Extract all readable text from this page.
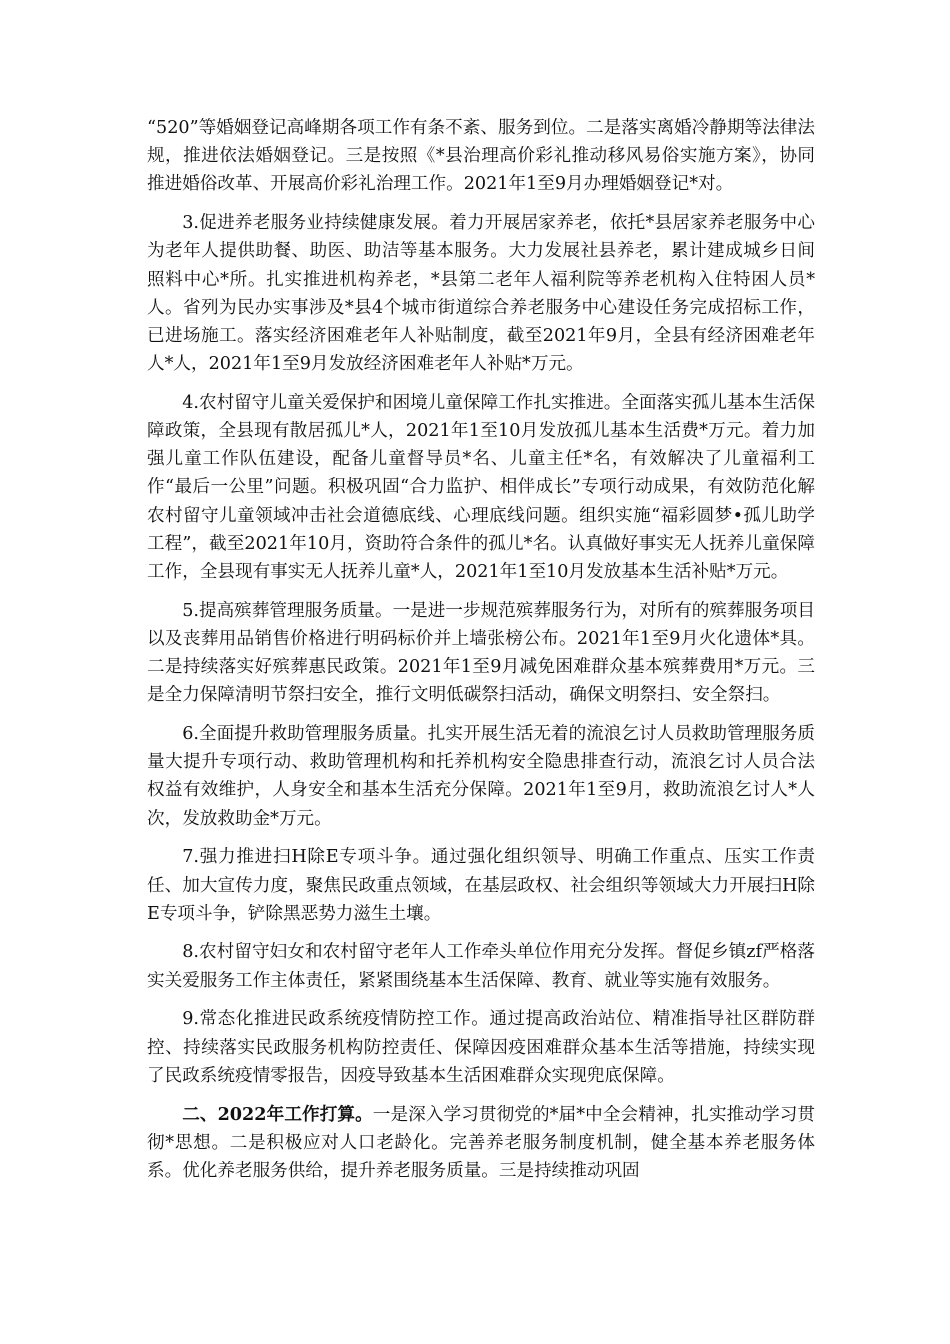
“520”等婚姻登记高峰期各项工作有条不紊、服务到位。二是落实离婚冷静期等法律法规，推进依法婚姻登记。三是按照《*县治理高价彩礼推动移风易俗实施方案》，协同推进婚俗改革、开展高价彩礼治理工作。2021年1至9月办理婚姻登记*对。

3.促进养老服务业持续健康发展。着力开展居家养老，依托*县居家养老服务中心为老年人提供助餐、助医、助洁等基本服务。大力发展社县养老，累计建成城乡日间照料中心*所。扎实推进机构养老，*县第二老年人福利院等养老机构入住特困人员*人。省列为民办实事涉及*县4个城市街道综合养老服务中心建设任务完成招标工作，已进场施工。落实经济困难老年人补贴制度，截至2021年9月，全县有经济困难老年人*人，2021年1至9月发放经济困难老年人补贴*万元。

4.农村留守儿童关爱保护和困境儿童保障工作扎实推进。全面落实孤儿基本生活保障政策，全县现有散居孤儿*人，2021年1至10月发放孤儿基本生活费*万元。着力加强儿童工作队伍建设，配备儿童督导员*名、儿童主任*名，有效解决了儿童福利工作“最后一公里”问题。积极巩固“合力监护、相伴成长”专项行动成果，有效防范化解农村留守儿童领域冲击社会道德底线、心理底线问题。组织实施“福彩圆梦•孤儿助学工程”，截至2021年10月，资助符合条件的孤儿*名。认真做好事实无人抚养儿童保障工作，全县现有事实无人抚养儿童*人，2021年1至10月发放基本生活补贴*万元。

5.提高殡葬管理服务质量。一是进一步规范殡葬服务行为，对所有的殡葬服务项目以及丧葬用品销售价格进行明码标价并上墙张榜公布。2021年1至9月火化遗体*具。二是持续落实好殡葬惠民政策。2021年1至9月减免困难群众基本殡葬费用*万元。三是全力保障清明节祭扫安全，推行文明低碳祭扫活动，确保文明祭扫、安全祭扫。

6.全面提升救助管理服务质量。扎实开展生活无着的流浪乞讨人员救助管理服务质量大提升专项行动、救助管理机构和托养机构安全隐患排查行动，流浪乞讨人员合法权益有效维护，人身安全和基本生活充分保障。2021年1至9月，救助流浪乞讨人*人次，发放救助金*万元。

7.强力推进扫H除E专项斗争。通过强化组织领导、明确工作重点、压实工作责任、加大宣传力度，聚焦民政重点领域，在基层政权、社会组织等领域大力开展扫H除E专项斗争，铲除黑恶势力滋生土壤。

8.农村留守妇女和农村留守老年人工作牵头单位作用充分发挥。督促乡镇zf严格落实关爱服务工作主体责任，紧紧围绕基本生活保障、教育、就业等实施有效服务。

9.常态化推进民政系统疫情防控工作。通过提高政治站位、精准指导社区群防群控、持续落实民政服务机构防控责任、保障因疫困难群众基本生活等措施，持续实现了民政系统疫情零报告，因疫导致基本生活困难群众实现兜底保障。

二、2022年工作打算。一是深入学习贯彻党的*届*中全会精神，扎实推动学习贯彻*思想。二是积极应对人口老龄化。完善养老服务制度机制，健全基本养老服务体系。优化养老服务供给，提升养老服务质量。三是持续推动巩固
